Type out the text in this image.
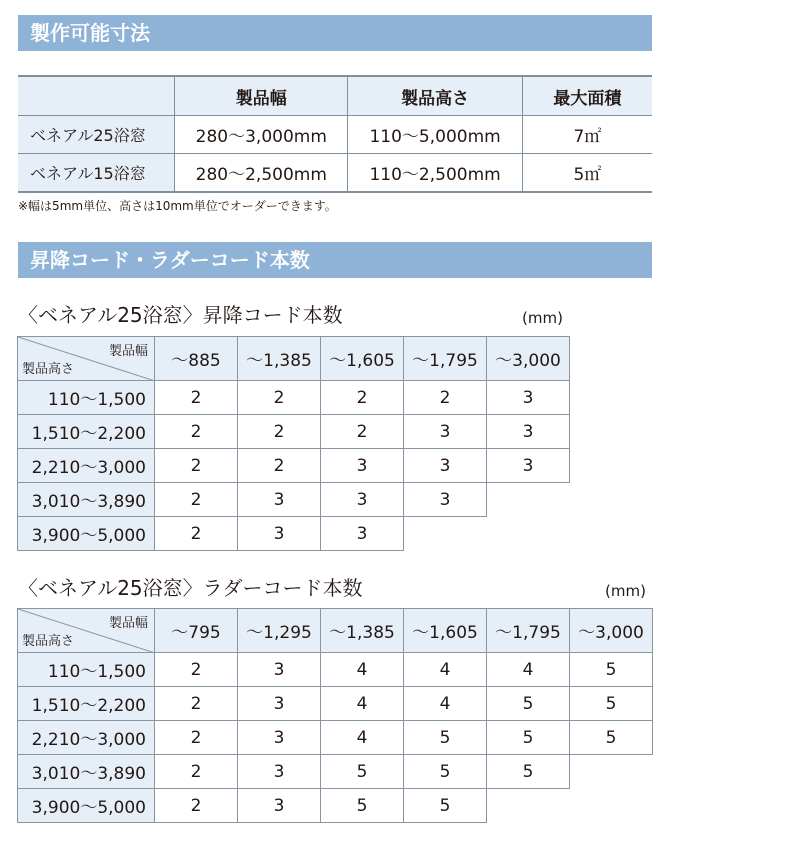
製作可能寸法
	製品幅	製品高さ	最大面積
ベネアル25浴窓	280～3,000mm	110～5,000mm	7㎡
ベネアル15浴窓	280～2,500mm	110～2,500mm	5㎡
※幅は5mm単位、高さは10mm単位でオーダーできます。
昇降コード・ラダーコード本数
〈ベネアル25浴窓〉昇降コード本数	(mm)
製品幅
製品高さ	～885	～1,385	～1,605	～1,795	～3,000
110～1,500	2	2	2	2	3
1,510～2,200	2	2	2	3	3
2,210～3,000	2	2	3	3	3
3,010～3,890	2	3	3	3	
3,900～5,000	2	3	3		
〈ベネアル25浴窓〉ラダーコード本数	(mm)
製品幅
製品高さ	～795	～1,295	～1,385	～1,605	～1,795	～3,000
110～1,500	2	3	4	4	4	5
1,510～2,200	2	3	4	4	5	5
2,210～3,000	2	3	4	5	5	5
3,010～3,890	2	3	5	5	5	
3,900～5,000	2	3	5	5		
